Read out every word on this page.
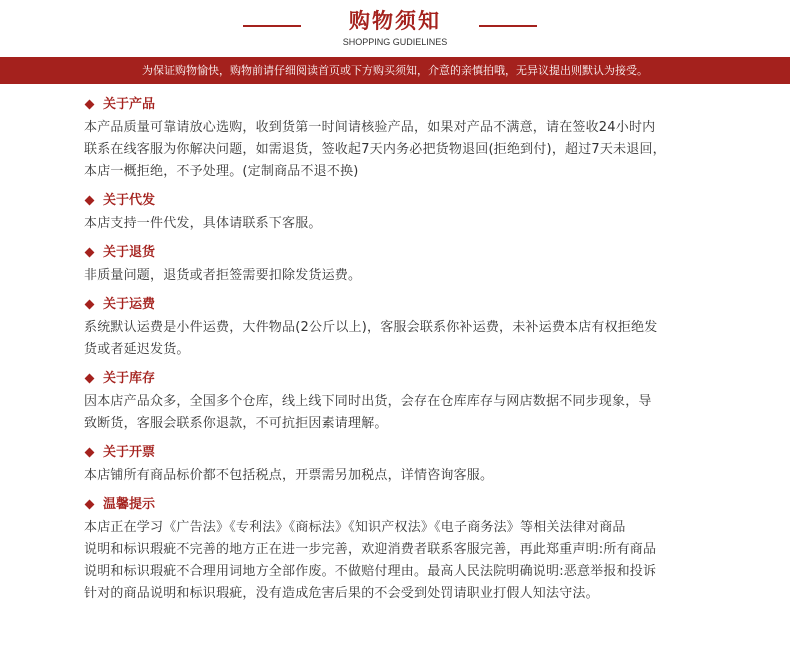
购物须知
SHOPPING GUDIELINES
为保证购物愉快，购物前请仔细阅读首页或下方购买须知，介意的亲慎拍哦，无异议提出则默认为接受。
关于产品

本产品质量可靠请放心选购，收到货第一时间请核验产品，如果对产品不满意，请在签收24小时内

联系在线客服为你解决问题，如需退货，签收起7天内务必把货物退回(拒绝到付)，超过7天未退回，

本店一概拒绝，不予处理。(定制商品不退不换)

关于代发

本店支持一件代发，具体请联系下客服。

关于退货

非质量问题，退货或者拒签需要扣除发货运费。

关于运费

系统默认运费是小件运费，大件物品(2公斤以上)，客服会联系你补运费，未补运费本店有权拒绝发

货或者延迟发货。

关于库存

因本店产品众多，全国多个仓库，线上线下同时出货，会存在仓库库存与网店数据不同步现象，导

致断货，客服会联系你退款，不可抗拒因素请理解。

关于开票

本店铺所有商品标价都不包括税点，开票需另加税点，详情咨询客服。

温馨提示

本店正在学习《广告法》《专利法》《商标法》《知识产权法》《电子商务法》等相关法律对商品

说明和标识瑕疵不完善的地方正在进一步完善，欢迎消费者联系客服完善，再此郑重声明:所有商品

说明和标识瑕疵不合理用词地方全部作废。不做赔付理由。最高人民法院明确说明:恶意举报和投诉

针对的商品说明和标识瑕疵，没有造成危害后果的不会受到处罚请职业打假人知法守法。
